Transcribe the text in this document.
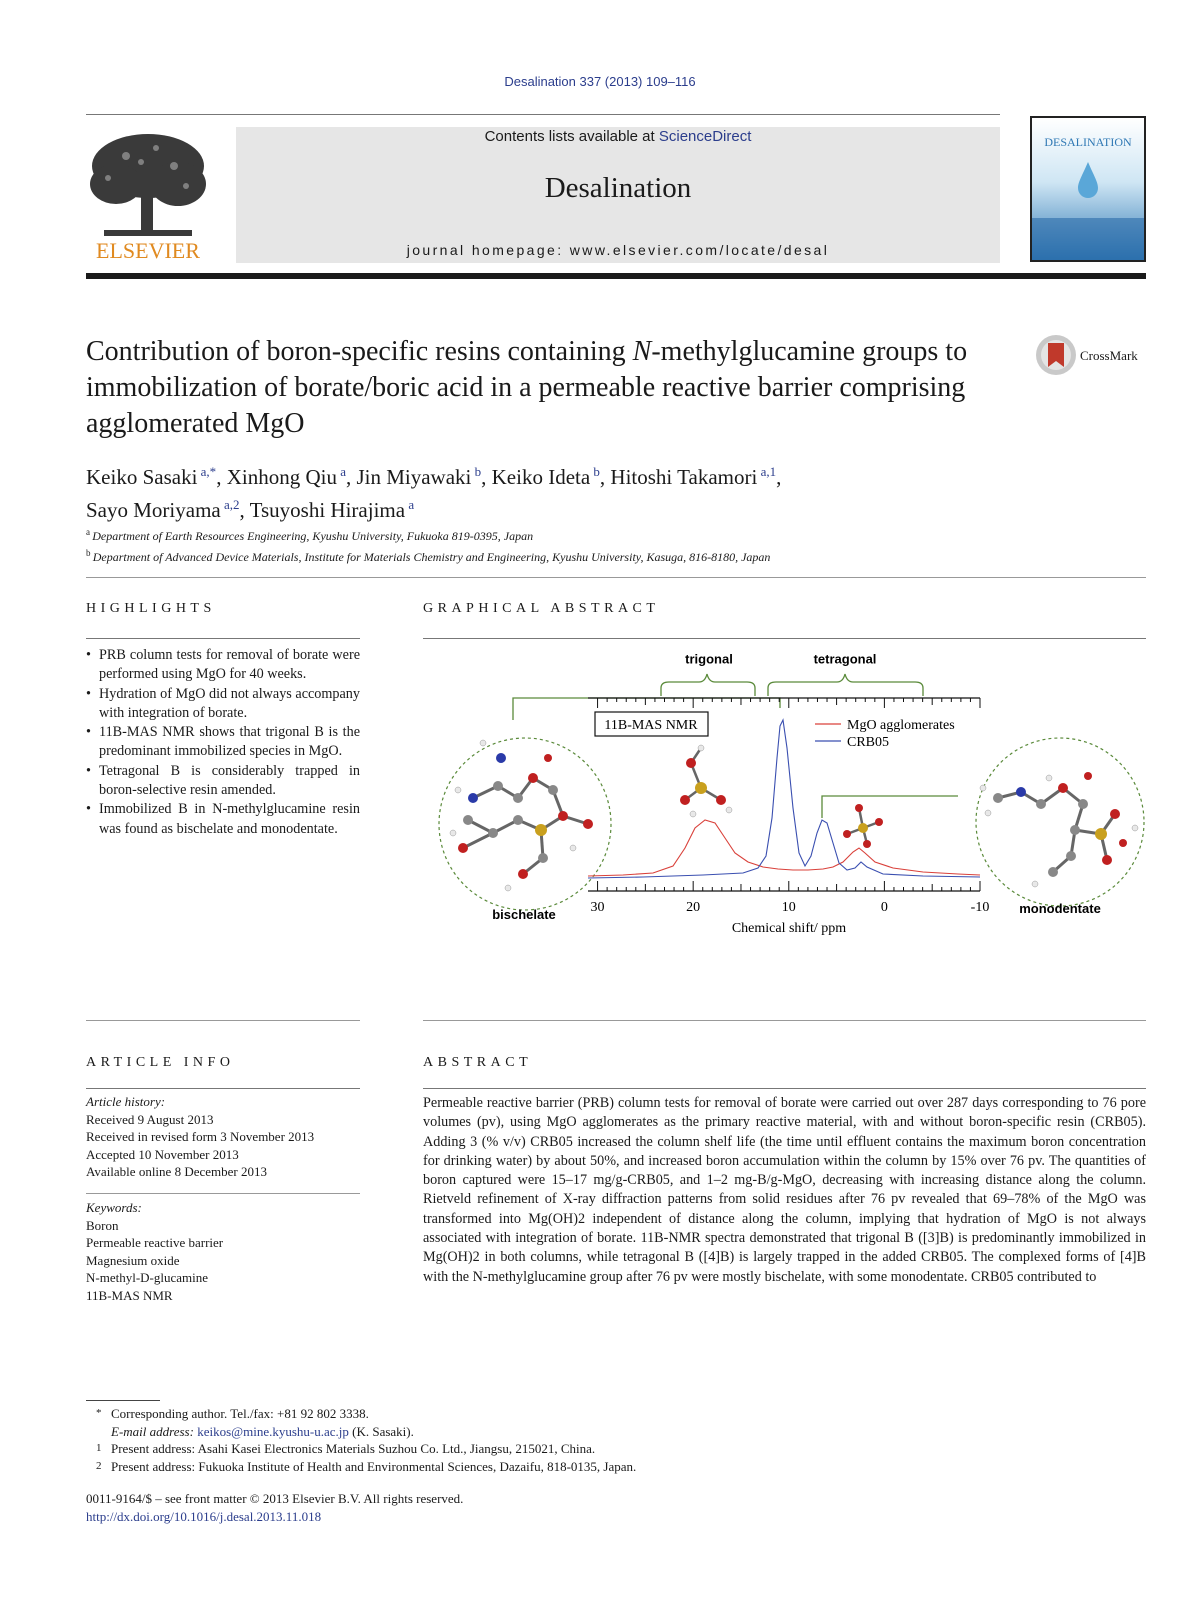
Desalination 337 (2013) 109–116
ELSEVIER
Contents lists available at ScienceDirect
Desalination
journal homepage: www.elsevier.com/locate/desal
DESALINATION
Contribution of boron-specific resins containing N-methylglucamine groups to immobilization of borate/boric acid in a permeable reactive barrier comprising agglomerated MgO
CrossMark
Keiko Sasaki $^{a,*}$, Xinhong Qiu $^a$, Jin Miyawaki $^b$, Keiko Ideta $^b$, Hitoshi Takamori $^{a,1}$,
Sayo Moriyama $^{a,2}$, Tsuyoshi Hirajima $^a$
$^a$ Department of Earth Resources Engineering, Kyushu University, Fukuoka 819-0395, Japan
$^b$ Department of Advanced Device Materials, Institute for Materials Chemistry and Engineering, Kyushu University, Kasuga, 816-8180, Japan
HIGHLIGHTS	GRAPHICAL ABSTRACT
• PRB column tests for removal of borate were performed using MgO for 40 weeks.
• Hydration of MgO did not always accompany with integration of borate.
• 11B-MAS NMR shows that trigonal B is the predominant immobilized species in MgO.
• Tetragonal B is considerably trapped in boron-selective resin amended.
• Immobilized B in N-methylglucamine resin was found as bischelate and monodentate.
trigonal	tetragonal
bischelate	monodentate
11B-MAS NMR	MgO agglomerates
CRB05
30	20	10	0	-10
Chemical shift/ ppm
ARTICLE INFO	ABSTRACT
Article history:
Received 9 August 2013
Received in revised form 3 November 2013
Accepted 10 November 2013
Available online 8 December 2013
Keywords:
Boron
Permeable reactive barrier
Magnesium oxide
N-methyl-D-glucamine
11B-MAS NMR
Permeable reactive barrier (PRB) column tests for removal of borate were carried out over 287 days corresponding to 76 pore volumes (pv), using MgO agglomerates as the primary reactive material, with and without boron-specific resin (CRB05). Adding 3 (% v/v) CRB05 increased the column shelf life (the time until effluent contains the maximum boron concentration for drinking water) by about 50%, and increased boron accumulation within the column by 15% over 76 pv. The quantities of boron captured were 15–17 mg/g-CRB05, and 1–2 mg-B/g-MgO, decreasing with increasing distance along the column. Rietveld refinement of X-ray diffraction patterns from solid residues after 76 pv revealed that 69–78% of the MgO was transformed into Mg(OH)2 independent of distance along the column, implying that hydration of MgO is not always associated with integration of borate. 11B-NMR spectra demonstrated that trigonal B ([3]B) is predominantly immobilized in Mg(OH)2 in both columns, while tetragonal B ([4]B) is largely trapped in the added CRB05. The complexed forms of [4]B with the N-methylglucamine group after 76 pv were mostly bischelate, with some monodentate. CRB05 contributed to
* Corresponding author. Tel./fax: +81 92 802 3338.
E-mail address: keikos@mine.kyushu-u.ac.jp (K. Sasaki).
1 Present address: Asahi Kasei Electronics Materials Suzhou Co. Ltd., Jiangsu, 215021, China.
2 Present address: Fukuoka Institute of Health and Environmental Sciences, Dazaifu, 818-0135, Japan.
0011-9164/$ – see front matter © 2013 Elsevier B.V. All rights reserved.
http://dx.doi.org/10.1016/j.desal.2013.11.018
